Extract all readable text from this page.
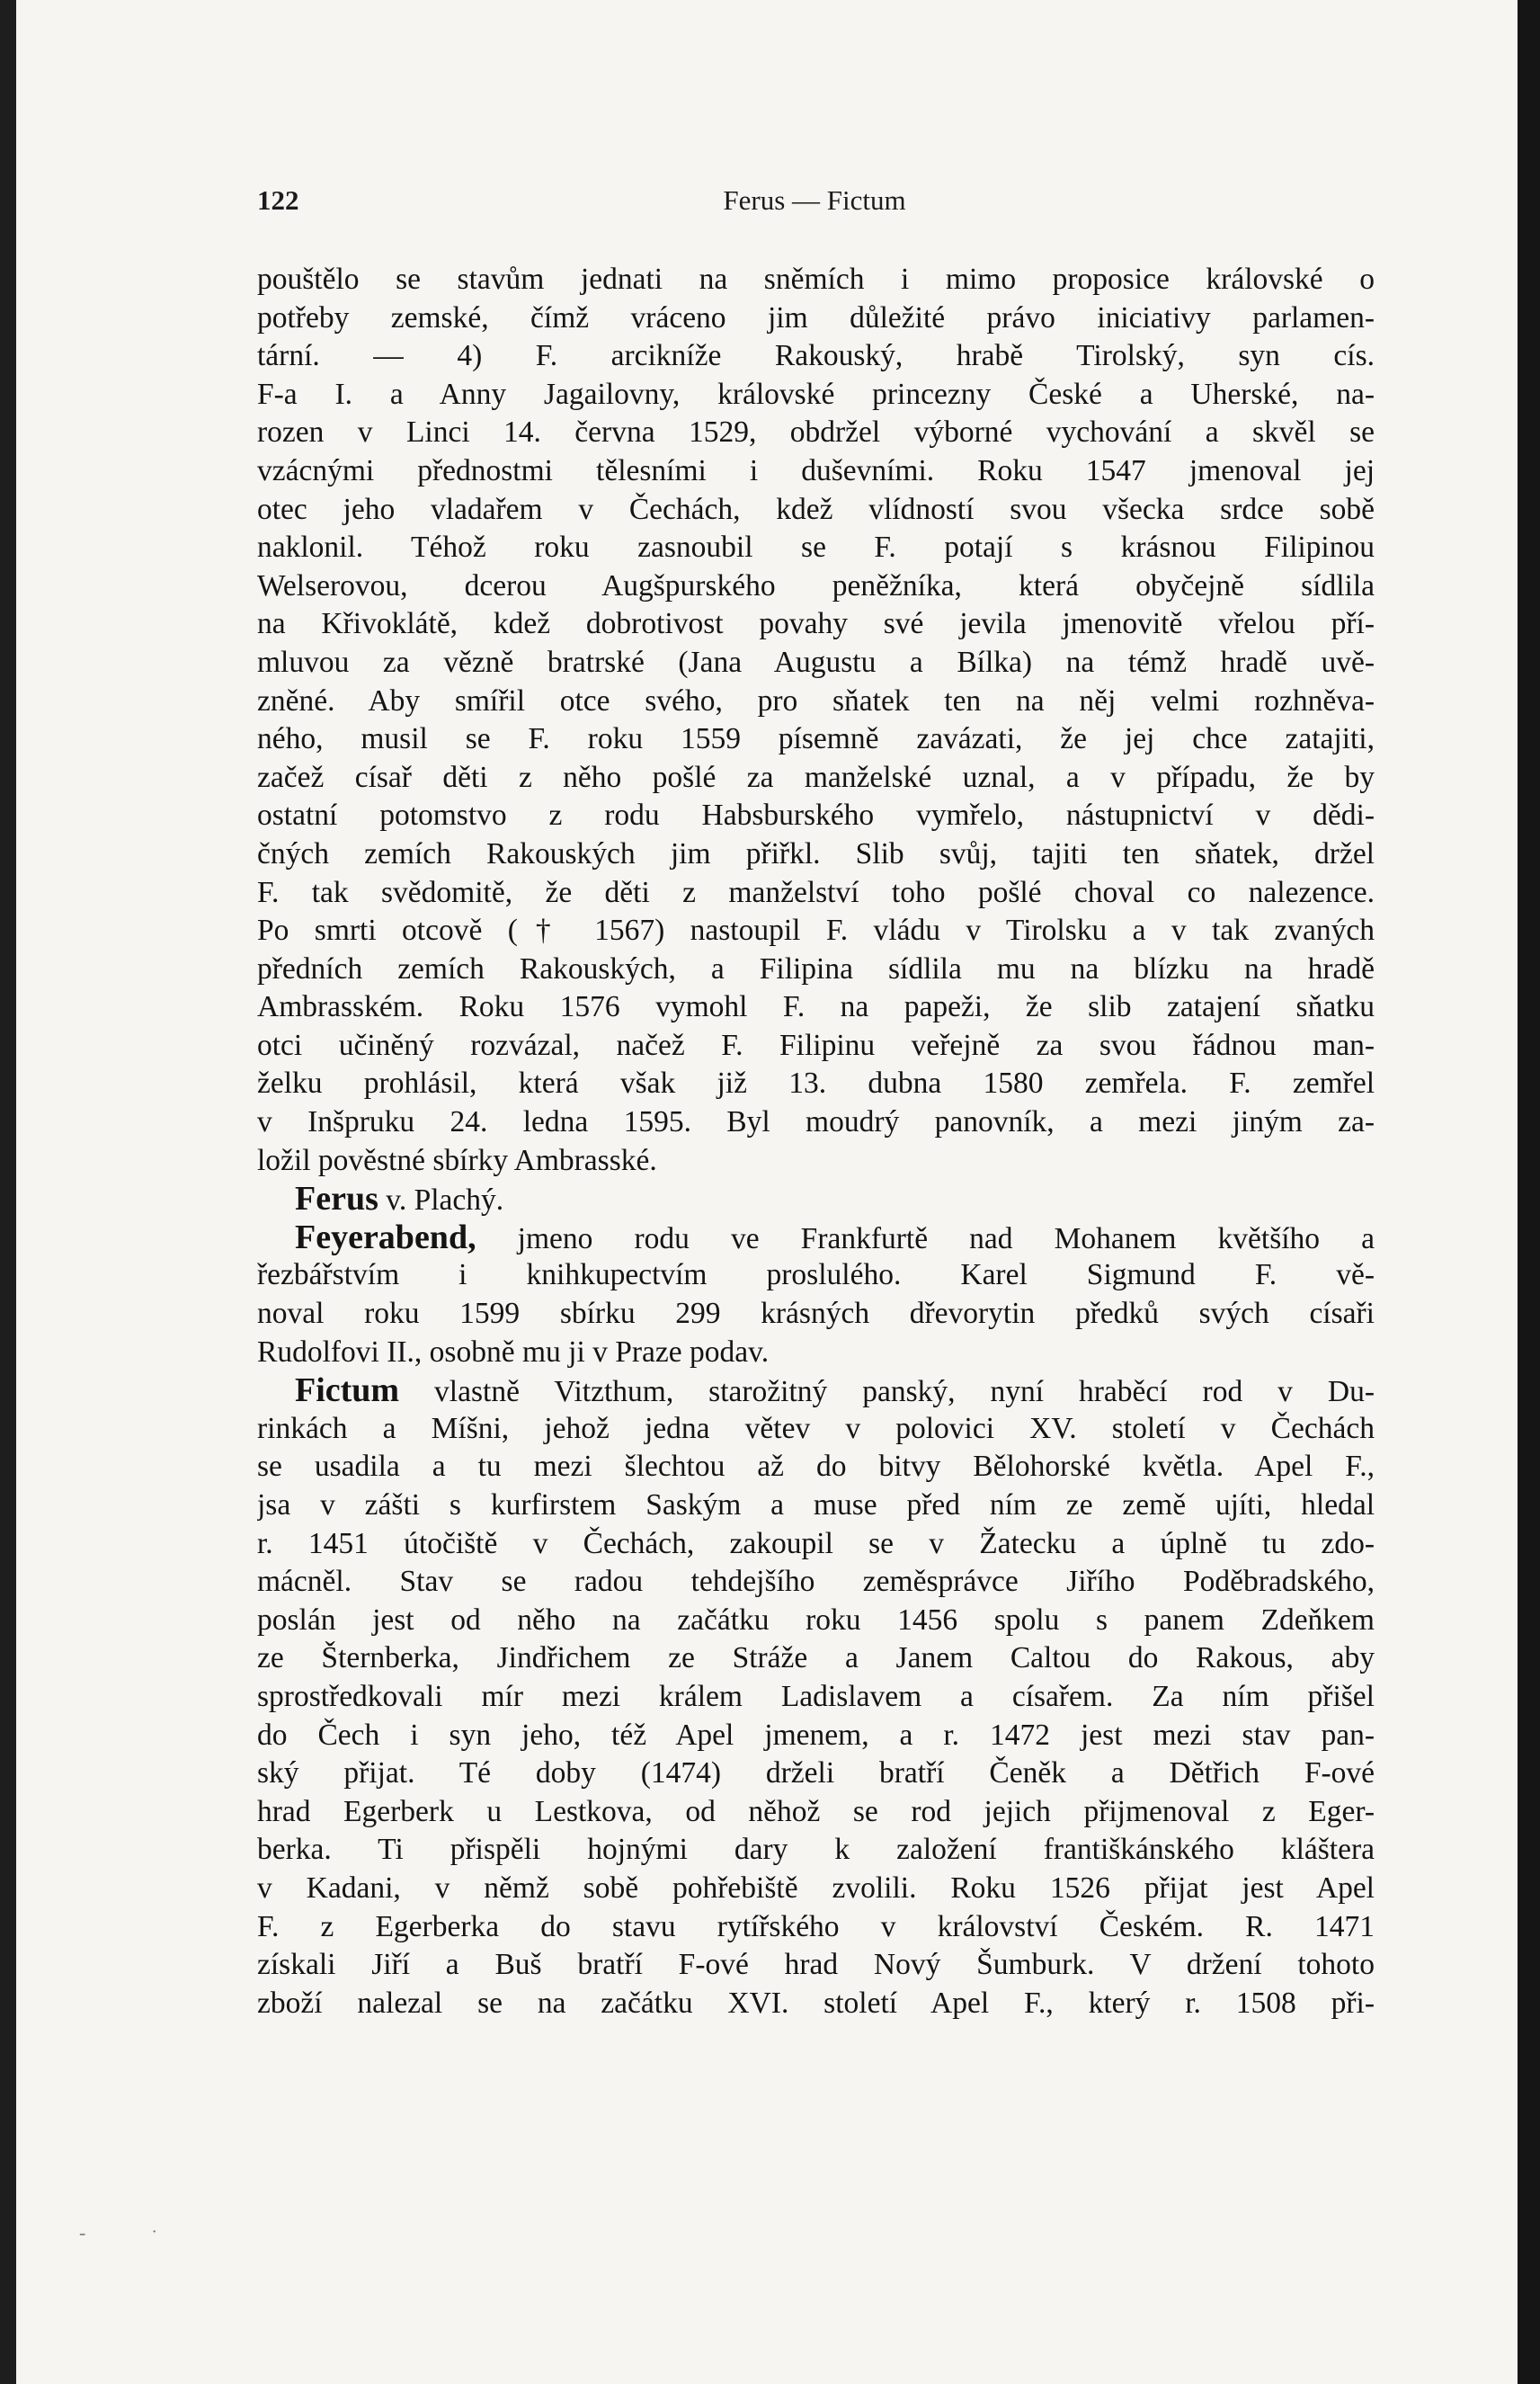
122	Ferus — Fictum
pouštělo se stavům jednati na sněmích i mimo proposice královské o
potřeby zemské, čímž vráceno jim důležité právo iniciativy parlamen-
tární. — 4) F. arcikníže Rakouský, hrabě Tirolský, syn cís.
F-a I. a Anny Jagailovny, královské princezny České a Uherské, na-
rozen v Linci 14. června 1529, obdržel výborné vychování a skvěl se
vzácnými přednostmi tělesními i duševními. Roku 1547 jmenoval jej
otec jeho vladařem v Čechách, kdež vlídností svou všecka srdce sobě
naklonil. Téhož roku zasnoubil se F. potají s krásnou Filipinou
Welserovou, dcerou Augšpurského peněžníka, která obyčejně sídlila
na Křivoklátě, kdež dobrotivost povahy své jevila jmenovitě vřelou pří-
mluvou za vězně bratrské (Jana Augustu a Bílka) na témž hradě uvě-
zněné. Aby smířil otce svého, pro sňatek ten na něj velmi rozhněva-
ného, musil se F. roku 1559 písemně zavázati, že jej chce zatajiti,
začež císař děti z něho pošlé za manželské uznal, a v případu, že by
ostatní potomstvo z rodu Habsburského vymřelo, nástupnictví v dědi-
čných zemích Rakouských jim přiřkl. Slib svůj, tajiti ten sňatek, držel
F. tak svědomitě, že děti z manželství toho pošlé choval co nalezence.
Po smrti otcově († 1567) nastoupil F. vládu v Tirolsku a v tak zvaných
předních zemích Rakouských, a Filipina sídlila mu na blízku na hradě
Ambrasském. Roku 1576 vymohl F. na papeži, že slib zatajení sňatku
otci učiněný rozvázal, načež F. Filipinu veřejně za svou řádnou man-
želku prohlásil, která však již 13. dubna 1580 zemřela. F. zemřel
v Inšpruku 24. ledna 1595. Byl moudrý panovník, a mezi jiným za-
ložil pověstné sbírky Ambrasské.
Ferus v. Plachý.
Feyerabend, jmeno rodu ve Frankfurtě nad Mohanem květšího a
řezbářstvím i knihkupectvím proslulého. Karel Sigmund F. vě-
noval roku 1599 sbírku 299 krásných dřevorytin předků svých císaři
Rudolfovi II., osobně mu ji v Praze podav.
Fictum vlastně Vitzthum, starožitný panský, nyní hraběcí rod v Du-
rinkách a Míšni, jehož jedna větev v polovici XV. století v Čechách
se usadila a tu mezi šlechtou až do bitvy Bělohorské květla. Apel F.,
jsa v zášti s kurfirstem Saským a muse před ním ze země ujíti, hledal
r. 1451 útočiště v Čechách, zakoupil se v Žatecku a úplně tu zdo-
mácněl. Stav se radou tehdejšího zeměsprávce Jiřího Poděbradského,
poslán jest od něho na začátku roku 1456 spolu s panem Zdeňkem
ze Šternberka, Jindřichem ze Stráže a Janem Caltou do Rakous, aby
sprostředkovali mír mezi králem Ladislavem a císařem. Za ním přišel
do Čech i syn jeho, též Apel jmenem, a r. 1472 jest mezi stav pan-
ský přijat. Té doby (1474) drželi bratří Čeněk a Dětřich F-ové
hrad Egerberk u Lestkova, od něhož se rod jejich přijmenoval z Eger-
berka. Ti přispěli hojnými dary k založení františkánského kláštera
v Kadani, v němž sobě pohřebiště zvolili. Roku 1526 přijat jest Apel
F. z Egerberka do stavu rytířského v království Českém. R. 1471
získali Jiří a Buš bratří F-ové hrad Nový Šumburk. V držení tohoto
zboží nalezal se na začátku XVI. století Apel F., který r. 1508 při-
-	˙
